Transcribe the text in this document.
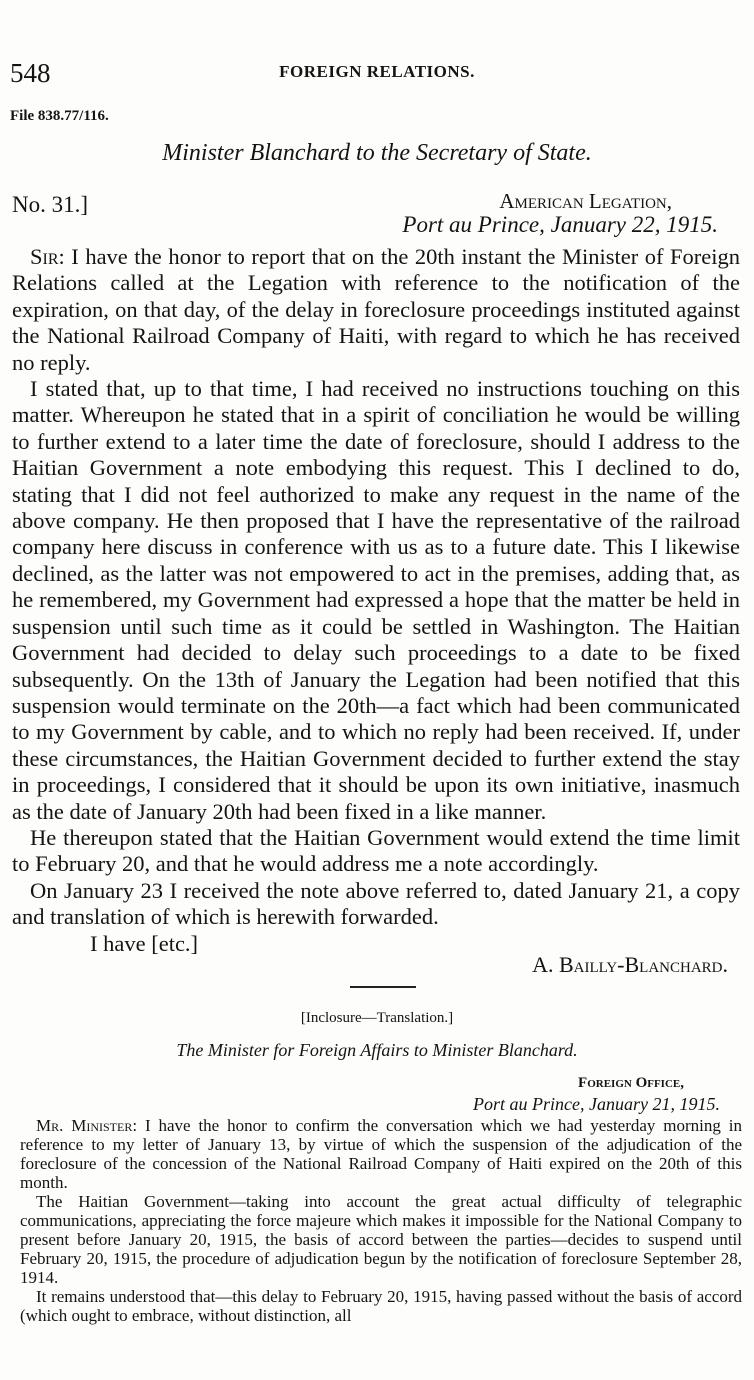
548	FOREIGN RELATIONS.
File 838.77/116.
Minister Blanchard to the Secretary of State.
No. 31.]	American Legation,
Port au Prince, January 22, 1915.

Sir: I have the honor to report that on the 20th instant the Minister of Foreign Relations called at the Legation with reference to the notification of the expiration, on that day, of the delay in foreclosure proceedings instituted against the National Railroad Company of Haiti, with regard to which he has received no reply.

I stated that, up to that time, I had received no instructions touching on this matter. Whereupon he stated that in a spirit of conciliation he would be willing to further extend to a later time the date of foreclosure, should I address to the Haitian Government a note embodying this request. This I declined to do, stating that I did not feel authorized to make any request in the name of the above company. He then proposed that I have the representative of the railroad company here discuss in conference with us as to a future date. This I likewise declined, as the latter was not empowered to act in the premises, adding that, as he remembered, my Government had expressed a hope that the matter be held in suspension until such time as it could be settled in Washington. The Haitian Government had decided to delay such proceedings to a date to be fixed subsequently. On the 13th of January the Legation had been notified that this suspension would terminate on the 20th—a fact which had been communicated to my Government by cable, and to which no reply had been received. If, under these circumstances, the Haitian Government decided to further extend the stay in proceedings, I considered that it should be upon its own initiative, inasmuch as the date of January 20th had been fixed in a like manner.

He thereupon stated that the Haitian Government would extend the time limit to February 20, and that he would address me a note accordingly.

On January 23 I received the note above referred to, dated January 21, a copy and translation of which is herewith forwarded.

I have [etc.]

A. Bailly-Blanchard.
[Inclosure—Translation.]
The Minister for Foreign Affairs to Minister Blanchard.
Foreign Office,
Port au Prince, January 21, 1915.

Mr. Minister: I have the honor to confirm the conversation which we had yesterday morning in reference to my letter of January 13, by virtue of which the suspension of the adjudication of the foreclosure of the concession of the National Railroad Company of Haiti expired on the 20th of this month.

The Haitian Government—taking into account the great actual difficulty of telegraphic communications, appreciating the force majeure which makes it impossible for the National Company to present before January 20, 1915, the basis of accord between the parties—decides to suspend until February 20, 1915, the procedure of adjudication begun by the notification of foreclosure September 28, 1914.

It remains understood that—this delay to February 20, 1915, having passed without the basis of accord (which ought to embrace, without distinction, all
